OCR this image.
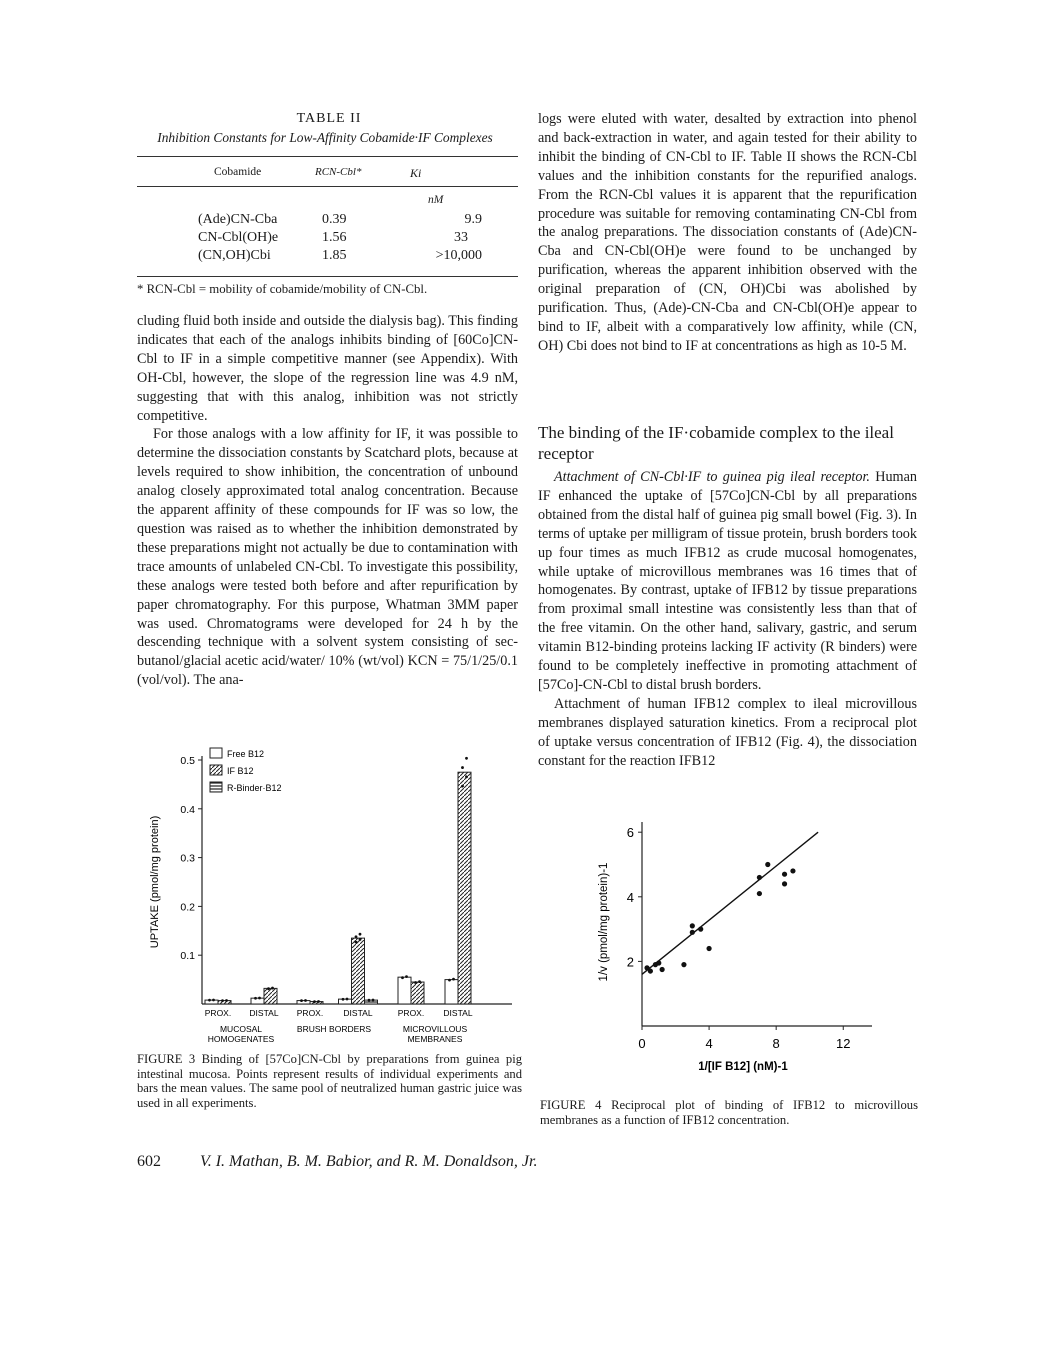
TABLE II
Inhibition Constants for Low-Affinity Cobamide·IF Complexes
Cobamide	RCN-Cbl*	Ki
nM
(Ade)CN-Cba	0.39	9.9
CN-Cbl(OH)e	1.56	33
(CN,OH)Cbi	1.85	>10,000
* RCN-Cbl = mobility of cobamide/mobility of CN-Cbl.

cluding fluid both inside and outside the dialysis bag). This finding indicates that each of the analogs inhibits binding of [60Co]CN-Cbl to IF in a simple competitive manner (see Appendix). With OH-Cbl, however, the slope of the regression line was 4.9 nM, suggesting that with this analog, inhibition was not strictly competitive.

For those analogs with a low affinity for IF, it was possible to determine the dissociation constants by Scatchard plots, because at levels required to show inhibition, the concentration of unbound analog closely approximated total analog concentration. Because the apparent affinity of these compounds for IF was so low, the question was raised as to whether the inhibition demonstrated by these preparations might not actually be due to contamination with trace amounts of unlabeled CN-Cbl. To investigate this possibility, these analogs were tested both before and after repurification by paper chromatography. For this purpose, Whatman 3MM paper was used. Chromatograms were developed for 24 h by the descending technique with a solvent system consisting of sec-butanol/glacial acetic acid/water/ 10% (wt/vol) KCN = 75/1/25/0.1 (vol/vol). The ana-

logs were eluted with water, desalted by extraction into phenol and back-extraction in water, and again tested for their ability to inhibit the binding of CN-Cbl to IF. Table II shows the RCN-Cbl values and the inhibition constants for the repurified analogs. From the RCN-Cbl values it is apparent that the repurification procedure was suitable for removing contaminating CN-Cbl from the analog preparations. The dissociation constants of (Ade)CN-Cba and CN-Cbl(OH)e were found to be unchanged by purification, whereas the apparent inhibition observed with the original preparation of (CN, OH)Cbi was abolished by purification. Thus, (Ade)-CN-Cba and CN-Cbl(OH)e appear to bind to IF, albeit with a comparatively low affinity, while (CN, OH) Cbi does not bind to IF at concentrations as high as 10-5 M.

The binding of the IF·cobamide complex to the ileal receptor

Attachment of CN-Cbl·IF to guinea pig ileal receptor. Human IF enhanced the uptake of [57Co]CN-Cbl by all preparations obtained from the distal half of guinea pig small bowel (Fig. 3). In terms of uptake per milligram of tissue protein, brush borders took up four times as much IFB12 as crude mucosal homogenates, while uptake of microvillous membranes was 16 times that of homogenates. By contrast, uptake of IFB12 by tissue preparations from proximal small intestine was consistently less than that of the free vitamin. On the other hand, salivary, gastric, and serum vitamin B12-binding proteins lacking IF activity (R binders) were found to be completely ineffective in promoting attachment of [57Co]-CN-Cbl to distal brush borders.

Attachment of human IFB12 complex to ileal microvillous membranes displayed saturation kinetics. From a reciprocal plot of uptake versus concentration of IFB12 (Fig. 4), the dissociation constant for the reaction IFB12

0.1
0.2
0.3
0.4
0.5
UPTAKE (pmol/mg protein)
Free B12
IF B12
R-Binder·B12
PROX. DISTAL PROX. DISTAL	PROX. DISTAL
MUCOSAL
HOMOGENATES
BRUSH BORDERS	MICROVILLOUS
MEMBRANES
FIGURE 3 Binding of [57Co]CN-Cbl by preparations from guinea pig intestinal mucosa. Points represent results of individual experiments and bars the mean values. The same pool of neutralized human gastric juice was used in all experiments.
2
4
6
0	4	8	12
1/v (pmol/mg protein)-1
1/[IF B12] (nM)-1
FIGURE 4 Reciprocal plot of binding of IFB12 to microvillous membranes as a function of IFB12 concentration.
602 V. I. Mathan, B. M. Babior, and R. M. Donaldson, Jr.
